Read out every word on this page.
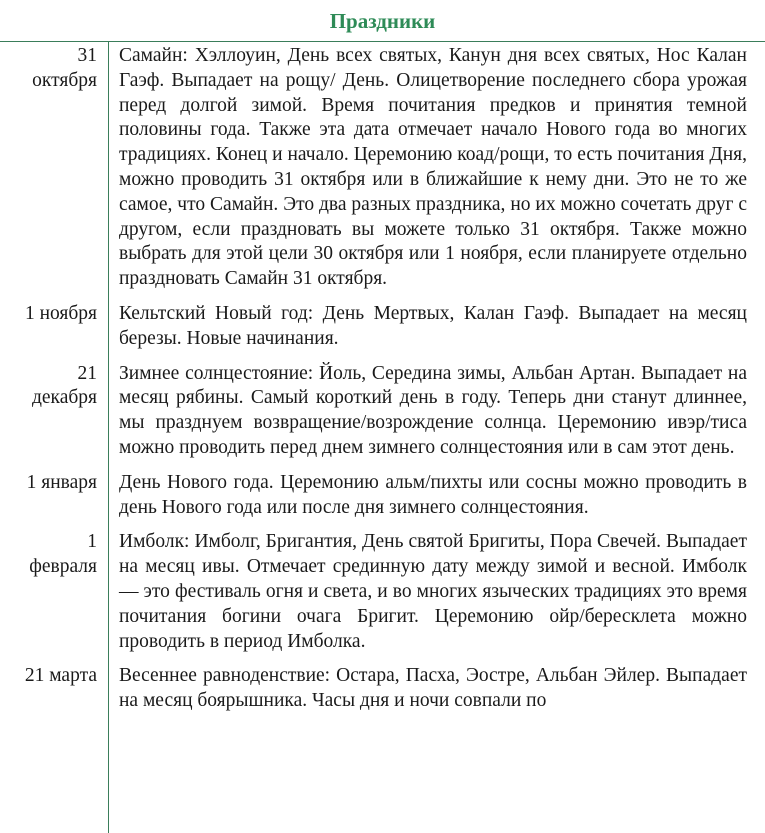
Праздники
31
октября
Самайн: Хэллоуин, День всех святых, Канун дня всех святых, Нос Калан Гаэф. Выпадает на рощу/ День. Олицетворение последнего сбора урожая перед долгой зимой. Время почитания предков и принятия темной половины года. Также эта дата отмечает начало Нового года во многих традициях. Конец и начало. Церемонию коад/рощи, то есть почитания Дня, можно проводить 31 октября или в ближайшие к нему дни. Это не то же самое, что Самайн. Это два разных праздника, но их можно сочетать друг с другом, если праздновать вы можете только 31 октября. Также можно выбрать для этой цели 30 октября или 1 ноября, если планируете отдельно праздновать Самайн 31 октября.
1 ноября Кельтский Новый год: День Мертвых, Калан Гаэф. Выпадает на месяц березы. Новые начинания.
21
декабря
Зимнее солнцестояние: Йоль, Середина зимы, Альбан Артан. Выпадает на месяц рябины. Самый короткий день в году. Теперь дни станут длиннее, мы празднуем возвращение/возрождение солнца. Церемонию ивэр/тиса можно проводить перед днем зимнего солнцестояния или в сам этот день.
1 января День Нового года. Церемонию альм/пихты или сосны можно проводить в день Нового года или после дня зимнего солнцестояния.
1
февраля
Имболк: Имболг, Бригантия, День святой Бригиты, Пора Свечей. Выпадает на месяц ивы. Отмечает срединную дату между зимой и весной. Имболк — это фестиваль огня и света, и во многих языческих традициях это время почитания богини очага Бригит. Церемонию ойр/бересклета можно проводить в период Имболка.
21 марта Весеннее равноденствие: Остара, Пасха, Эостре, Альбан Эйлер. Выпадает на месяц боярышника. Часы дня и ночи совпали по
